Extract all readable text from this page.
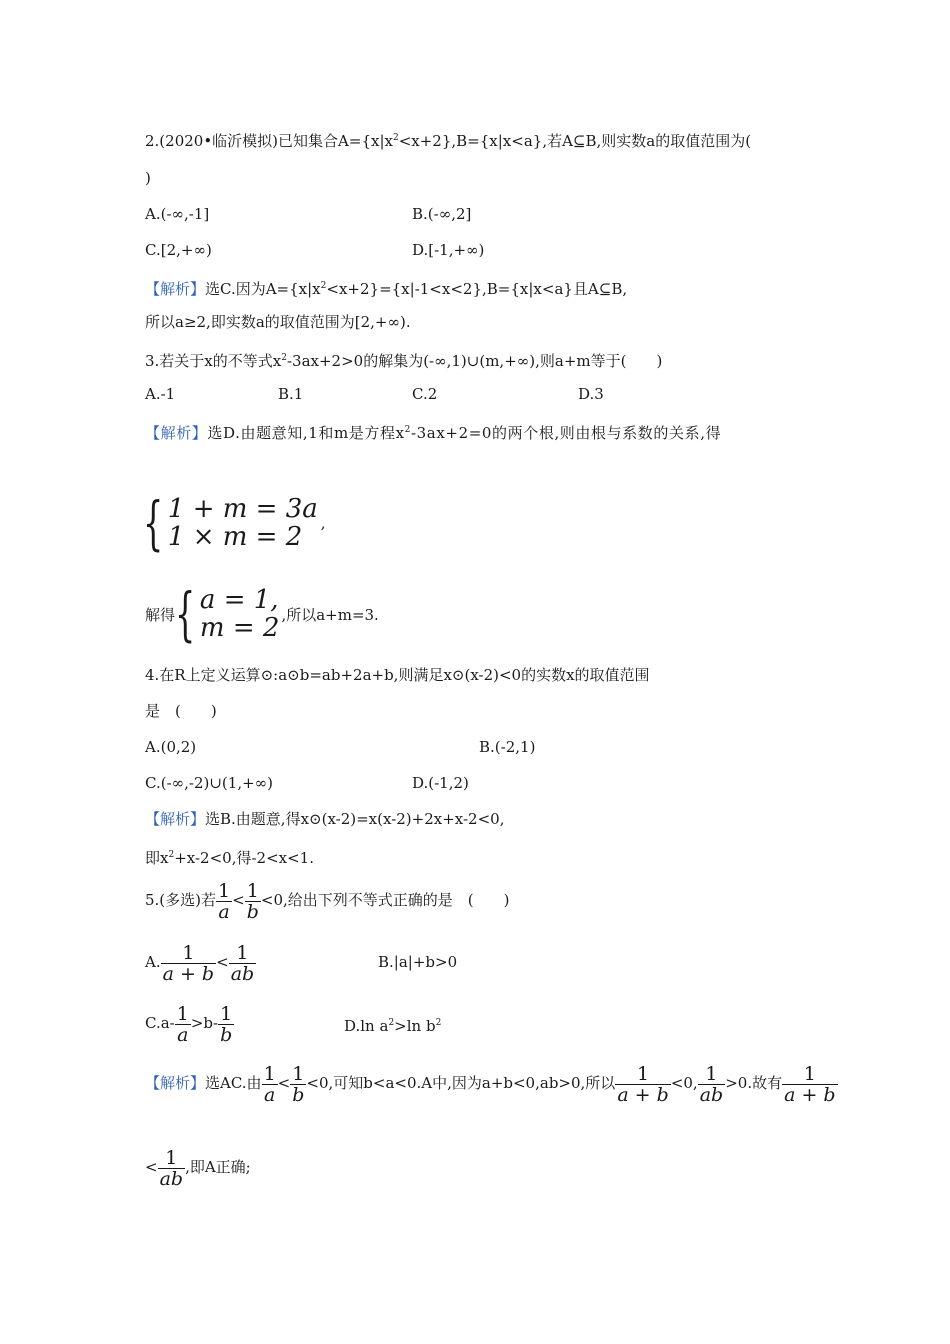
2.(2020•临沂模拟)已知集合$A=\{x|x^2<x+2\},B=\{x|x<a\}$,若A⊆B,则实数a的取值范围为(
)
A.(-∞,-1]	B.(-∞,2]
C.[2,+∞)	D.[-1,+∞)
【解析】选C.因为$A=\{x|x^2<x+2\}=\{x|-1<x<2\},B=\{x|x<a\}$且A⊆B,
所以a≥2,即实数a的取值范围为[2,+∞).
3.若关于x的不等式$x^2-3ax+2>0$的解集为(-∞,1)∪(m,+∞),则a+m等于(　　)
A.-1	B.1	C.2	D.3
【解析】选D.由题意知,1和m是方程$x^2-3ax+2=0$的两个根,则由根与系数的关系,得
{ 1 + m = 3a
1 × m = 2	,
解得 { a = 1,
m = 2 ,所以a+m=3.
4.在R上定义运算⊙:a⊙b=ab+2a+b,则满足x⊙(x-2)<0的实数x的取值范围
是　(　　)
A.(0,2)	B.(-2,1)
C.(-∞,-2)∪(1,+∞)	D.(-1,2)
【解析】选B.由题意,得x⊙(x-2)=x(x-2)+2x+x-2<0,
即$x^2+x-2<0$,得-2<x<1.
5.(多选)若 $\frac{1}{a} < \frac{1}{b} <0$,给出下列不等式正确的是　(　　)
A. $\frac{1}{a + b} < \frac{1}{ab}$	B.|a|+b>0
$C.a- \frac{1}{a} >b- \frac{1}{b}$	D.ln $a^2>\ln$ $b^2$
【解析】选AC.由 $\frac{1}{a} < \frac{1}{b} <0$,可知b<a<0.A中,因为a+b<0,ab>0,所以 $\frac{1}{a + b} <0$, $\frac{1}{ab} >0$.故有 $\frac{1}{a + b}$
< $\frac{1}{ab}$ ,即A正确;
